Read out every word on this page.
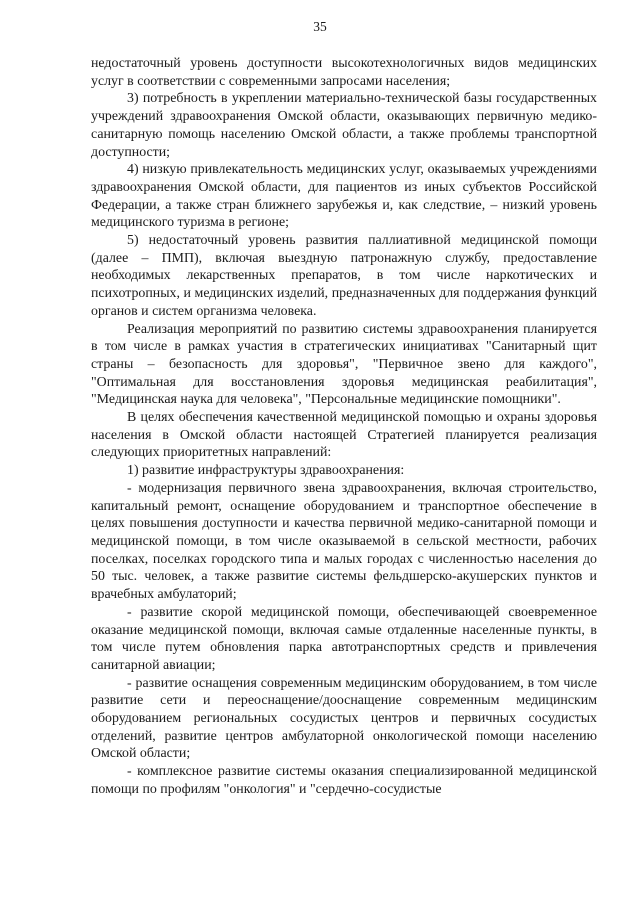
35

недостаточный уровень доступности высокотехнологичных видов медицинских услуг в соответствии с современными запросами населения;

3) потребность в укреплении материально-технической базы государственных учреждений здравоохранения Омской области, оказывающих первичную медико-санитарную помощь населению Омской области, а также проблемы транспортной доступности;

4) низкую привлекательность медицинских услуг, оказываемых учреждениями здравоохранения Омской области, для пациентов из иных субъектов Российской Федерации, а также стран ближнего зарубежья и, как следствие, – низкий уровень медицинского туризма в регионе;

5) недостаточный уровень развития паллиативной медицинской помощи (далее – ПМП), включая выездную патронажную службу, предоставление необходимых лекарственных препаратов, в том числе наркотических и психотропных, и медицинских изделий, предназначенных для поддержания функций органов и систем организма человека.

Реализация мероприятий по развитию системы здравоохранения планируется в том числе в рамках участия в стратегических инициативах "Санитарный щит страны – безопасность для здоровья", "Первичное звено для каждого", "Оптимальная для восстановления здоровья медицинская реабилитация", "Медицинская наука для человека", "Персональные медицинские помощники".

В целях обеспечения качественной медицинской помощью и охраны здоровья населения в Омской области настоящей Стратегией планируется реализация следующих приоритетных направлений:

1) развитие инфраструктуры здравоохранения:

- модернизация первичного звена здравоохранения, включая строительство, капитальный ремонт, оснащение оборудованием и транспортное обеспечение в целях повышения доступности и качества первичной медико-санитарной помощи и медицинской помощи, в том числе оказываемой в сельской местности, рабочих поселках, поселках городского типа и малых городах с численностью населения до 50 тыс. человек, а также развитие системы фельдшерско-акушерских пунктов и врачебных амбулаторий;

- развитие скорой медицинской помощи, обеспечивающей своевременное оказание медицинской помощи, включая самые отдаленные населенные пункты, в том числе путем обновления парка автотранспортных средств и привлечения санитарной авиации;

- развитие оснащения современным медицинским оборудованием, в том числе развитие сети и переоснащение/дооснащение современным медицинским оборудованием региональных сосудистых центров и первичных сосудистых отделений, развитие центров амбулаторной онкологической помощи населению Омской области;

- комплексное развитие системы оказания специализированной медицинской помощи по профилям "онкология" и "сердечно-сосудистые
